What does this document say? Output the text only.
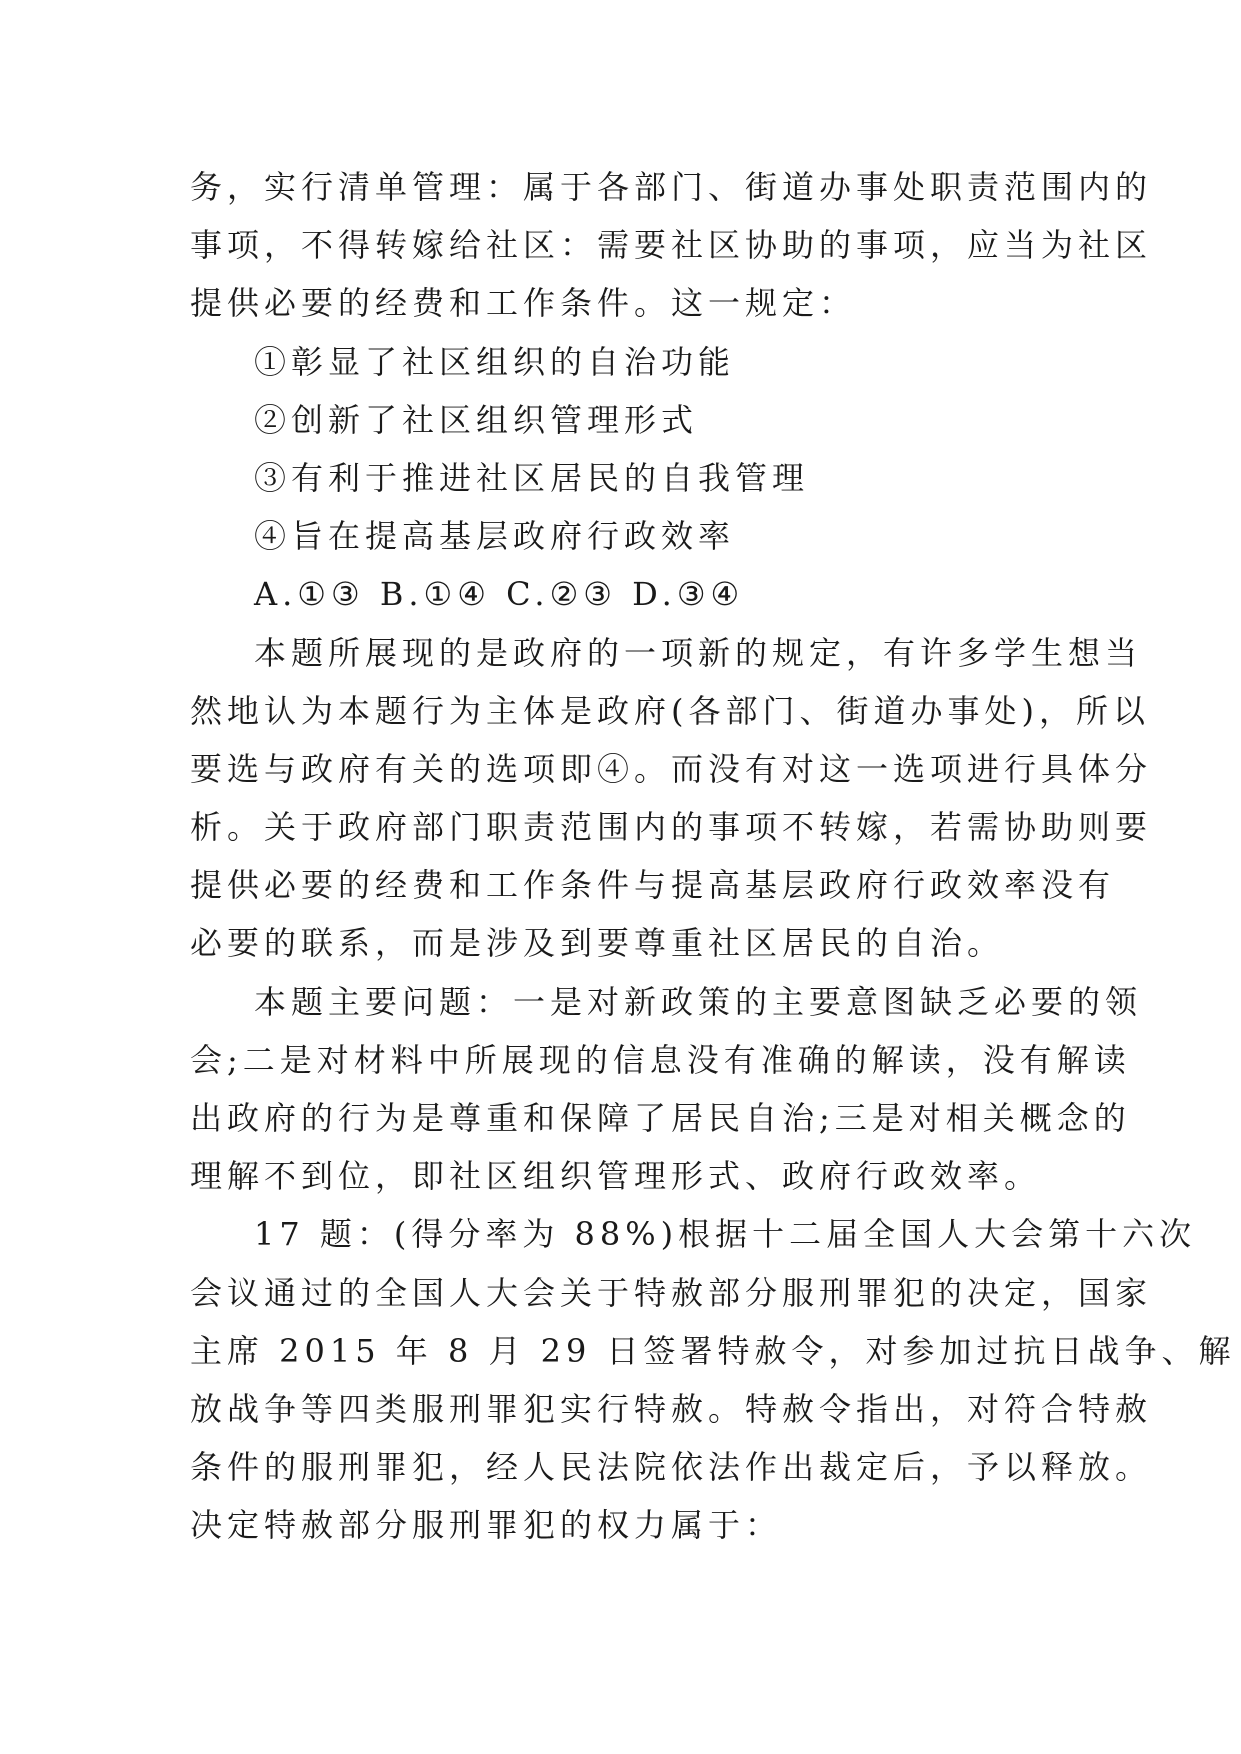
务，实行清单管理：属于各部门、街道办事处职责范围内的
事项，不得转嫁给社区：需要社区协助的事项，应当为社区
提供必要的经费和工作条件。这一规定：
①彰显了社区组织的自治功能
②创新了社区组织管理形式
③有利于推进社区居民的自我管理
④旨在提高基层政府行政效率
A.①③ B.①④ C.②③ D.③④
本题所展现的是政府的一项新的规定，有许多学生想当
然地认为本题行为主体是政府(各部门、街道办事处)，所以
要选与政府有关的选项即④。而没有对这一选项进行具体分
析。关于政府部门职责范围内的事项不转嫁，若需协助则要
提供必要的经费和工作条件与提高基层政府行政效率没有
必要的联系，而是涉及到要尊重社区居民的自治。
本题主要问题：一是对新政策的主要意图缺乏必要的领
会;二是对材料中所展现的信息没有准确的解读，没有解读
出政府的行为是尊重和保障了居民自治;三是对相关概念的
理解不到位，即社区组织管理形式、政府行政效率。
17 题：(得分率为 88%)根据十二届全国人大会第十六次
会议通过的全国人大会关于特赦部分服刑罪犯的决定，国家
主席 2015 年 8 月 29 日签署特赦令，对参加过抗日战争、解
放战争等四类服刑罪犯实行特赦。特赦令指出，对符合特赦
条件的服刑罪犯，经人民法院依法作出裁定后，予以释放。
决定特赦部分服刑罪犯的权力属于：
